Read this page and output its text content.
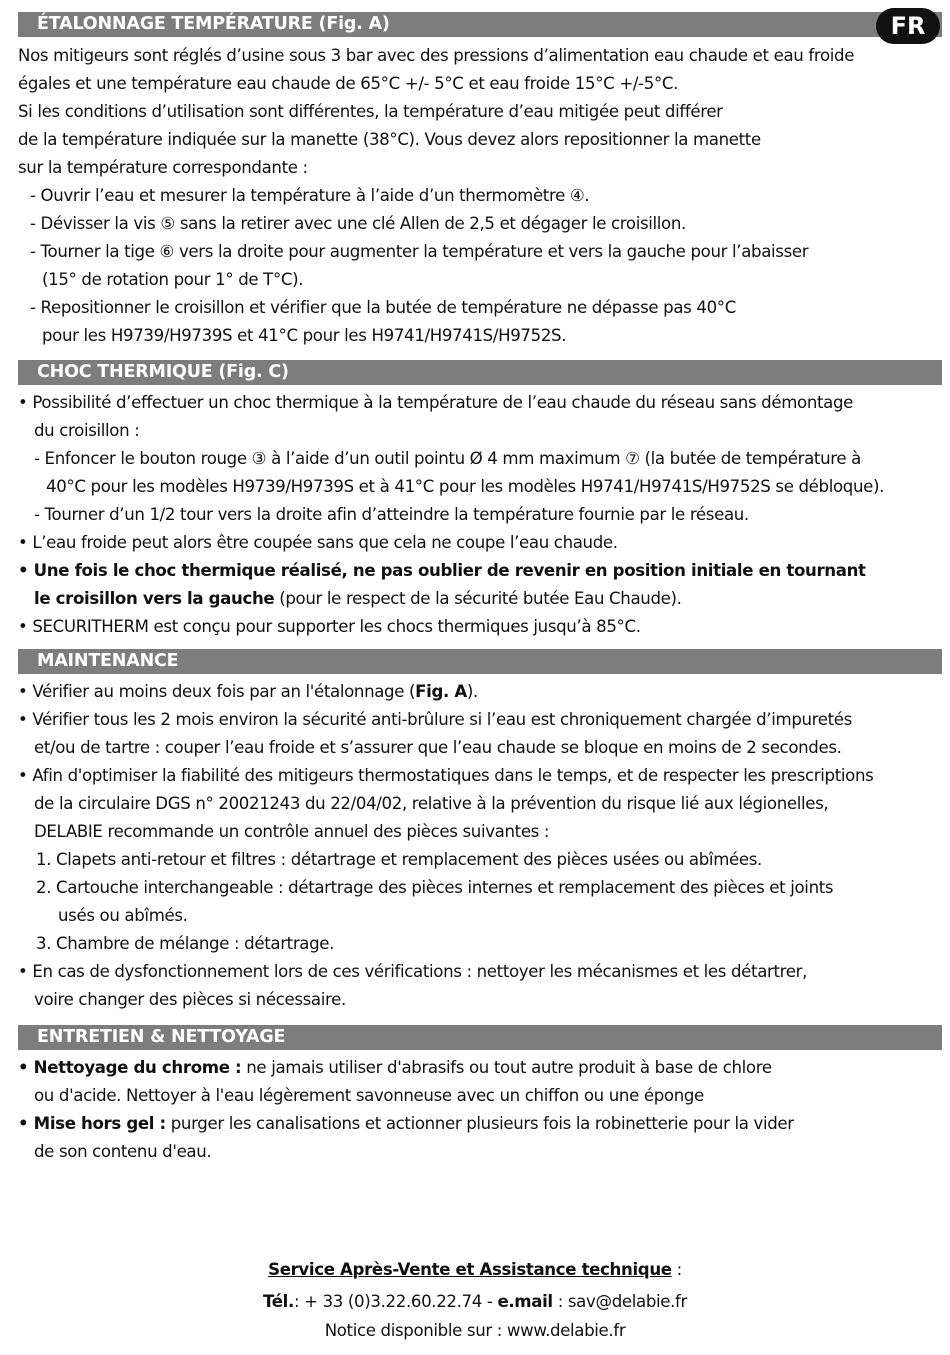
ÉTALONNAGE TEMPÉRATURE (Fig. A)	FR
Nos mitigeurs sont réglés d’usine sous 3 bar avec des pressions d’alimentation eau chaude et eau froide
égales et une température eau chaude de 65°C +/- 5°C et eau froide 15°C +/-5°C.
Si les conditions d’utilisation sont différentes, la température d’eau mitigée peut différer
de la température indiquée sur la manette (38°C). Vous devez alors repositionner la manette
sur la température correspondante :
- Ouvrir l’eau et mesurer la température à l’aide d’un thermomètre ④.
- Dévisser la vis ⑤ sans la retirer avec une clé Allen de 2,5 et dégager le croisillon.
- Tourner la tige ⑥ vers la droite pour augmenter la température et vers la gauche pour l’abaisser
(15° de rotation pour 1° de T°C).
- Repositionner le croisillon et vérifier que la butée de température ne dépasse pas 40°C
pour les H9739/H9739S et 41°C pour les H9741/H9741S/H9752S.
CHOC THERMIQUE (Fig. C)
• Possibilité d’effectuer un choc thermique à la température de l’eau chaude du réseau sans démontage
du croisillon :
- Enfoncer le bouton rouge ③ à l’aide d’un outil pointu Ø 4 mm maximum ⑦ (la butée de température à
40°C pour les modèles H9739/H9739S et à 41°C pour les modèles H9741/H9741S/H9752S se débloque).
- Tourner d’un 1/2 tour vers la droite afin d’atteindre la température fournie par le réseau.
• L’eau froide peut alors être coupée sans que cela ne coupe l’eau chaude.
• Une fois le choc thermique réalisé, ne pas oublier de revenir en position initiale en tournant
le croisillon vers la gauche (pour le respect de la sécurité butée Eau Chaude).
• SECURITHERM est conçu pour supporter les chocs thermiques jusqu’à 85°C.
MAINTENANCE
• Vérifier au moins deux fois par an l'étalonnage (Fig. A).
• Vérifier tous les 2 mois environ la sécurité anti-brûlure si l’eau est chroniquement chargée d’impuretés
et/ou de tartre : couper l’eau froide et s’assurer que l’eau chaude se bloque en moins de 2 secondes.
• Afin d'optimiser la fiabilité des mitigeurs thermostatiques dans le temps, et de respecter les prescriptions
de la circulaire DGS n° 20021243 du 22/04/02, relative à la prévention du risque lié aux légionelles,
DELABIE recommande un contrôle annuel des pièces suivantes :
1. Clapets anti-retour et filtres : détartrage et remplacement des pièces usées ou abîmées.
2. Cartouche interchangeable : détartrage des pièces internes et remplacement des pièces et joints
usés ou abîmés.
3. Chambre de mélange : détartrage.
• En cas de dysfonctionnement lors de ces vérifications : nettoyer les mécanismes et les détartrer,
voire changer des pièces si nécessaire.
ENTRETIEN & NETTOYAGE
• Nettoyage du chrome : ne jamais utiliser d'abrasifs ou tout autre produit à base de chlore
ou d'acide. Nettoyer à l'eau légèrement savonneuse avec un chiffon ou une éponge
• Mise hors gel : purger les canalisations et actionner plusieurs fois la robinetterie pour la vider
de son contenu d'eau.
Service Après-Vente et Assistance technique :
Tél.: + 33 (0)3.22.60.22.74 - e.mail : sav@delabie.fr
Notice disponible sur : www.delabie.fr
